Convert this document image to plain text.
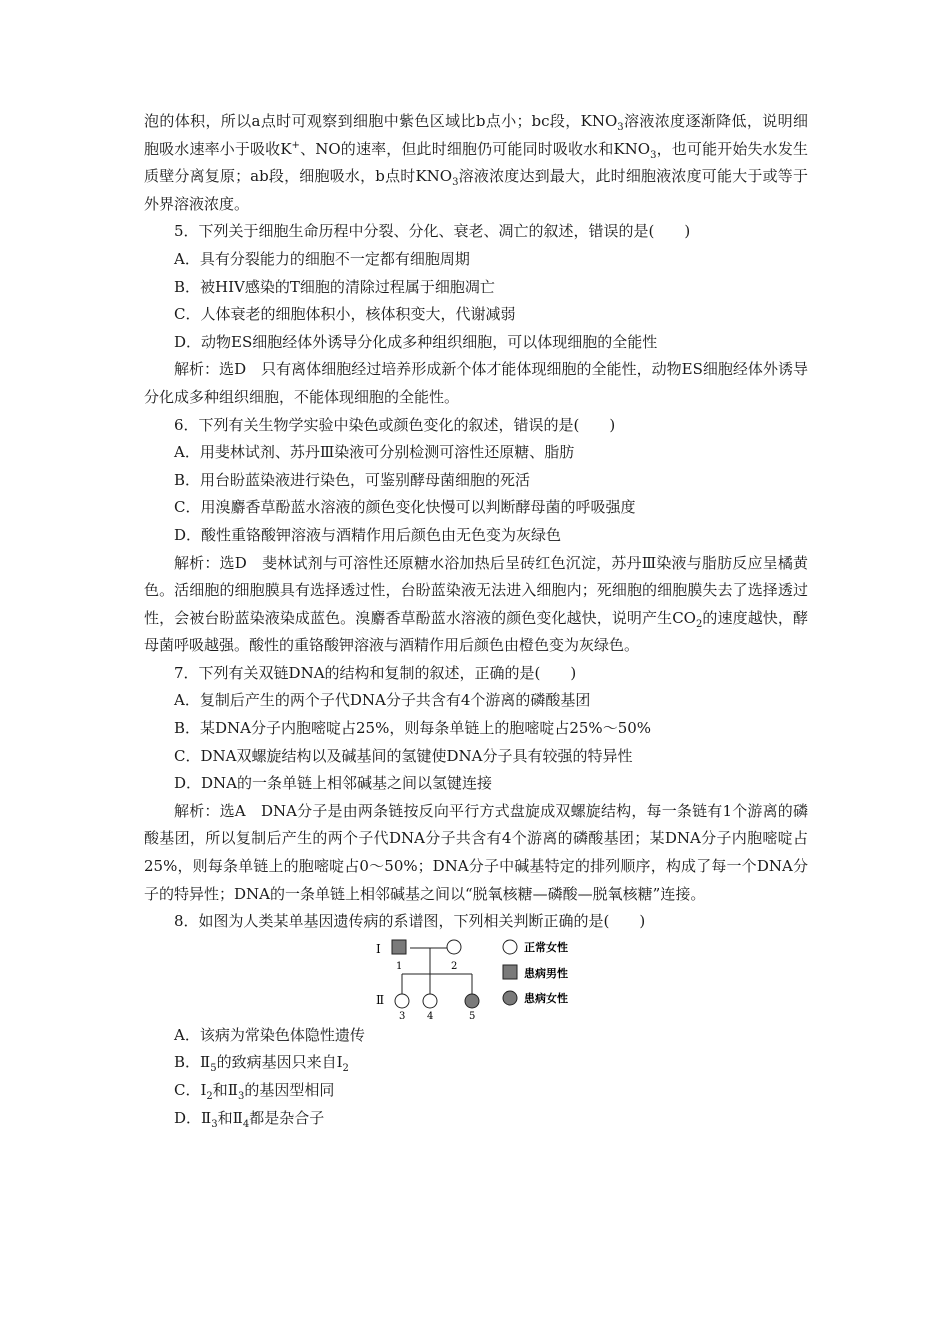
泡的体积，所以a点时可观察到细胞中紫色区域比b点小；bc段，$KNO_3$溶液浓度逐渐降低，说明细胞吸水速率小于吸收K+、NO的速率，但此时细胞仍可能同时吸收水和$KNO_3$，也可能开始失水发生质壁分离复原；ab段，细胞吸水，b点时$KNO_3$溶液浓度达到最大，此时细胞液浓度可能大于或等于外界溶液浓度。

5．下列关于细胞生命历程中分裂、分化、衰老、凋亡的叙述，错误的是(　　)

A．具有分裂能力的细胞不一定都有细胞周期

B．被HIV感染的T细胞的清除过程属于细胞凋亡

C．人体衰老的细胞体积小，核体积变大，代谢减弱

D．动物ES细胞经体外诱导分化成多种组织细胞，可以体现细胞的全能性

解析：选D　只有离体细胞经过培养形成新个体才能体现细胞的全能性，动物ES细胞经体外诱导分化成多种组织细胞，不能体现细胞的全能性。

6．下列有关生物学实验中染色或颜色变化的叙述，错误的是(　　)

A．用斐林试剂、苏丹Ⅲ染液可分别检测可溶性还原糖、脂肪

B．用台盼蓝染液进行染色，可鉴别酵母菌细胞的死活

C．用溴麝香草酚蓝水溶液的颜色变化快慢可以判断酵母菌的呼吸强度

D．酸性重铬酸钾溶液与酒精作用后颜色由无色变为灰绿色

解析：选D　斐林试剂与可溶性还原糖水浴加热后呈砖红色沉淀，苏丹Ⅲ染液与脂肪反应呈橘黄色。活细胞的细胞膜具有选择透过性，台盼蓝染液无法进入细胞内；死细胞的细胞膜失去了选择透过性，会被台盼蓝染液染成蓝色。溴麝香草酚蓝水溶液的颜色变化越快，说明产生$CO_2$的速度越快，酵母菌呼吸越强。酸性的重铬酸钾溶液与酒精作用后颜色由橙色变为灰绿色。

7．下列有关双链DNA的结构和复制的叙述，正确的是(　　)

A．复制后产生的两个子代DNA分子共含有4个游离的磷酸基团

B．某DNA分子内胞嘧啶占25%，则每条单链上的胞嘧啶占25%～50%

C．DNA双螺旋结构以及碱基间的氢键使DNA分子具有较强的特异性

D．DNA的一条单链上相邻碱基之间以氢键连接

解析：选A　DNA分子是由两条链按反向平行方式盘旋成双螺旋结构，每一条链有1个游离的磷酸基团，所以复制后产生的两个子代DNA分子共含有4个游离的磷酸基团；某DNA分子内胞嘧啶占25%，则每条单链上的胞嘧啶占0～50%；DNA分子中碱基特定的排列顺序，构成了每一个DNA分子的特异性；DNA的一条单链上相邻碱基之间以“脱氧核糖—磷酸—脱氧核糖”连接。

8．如图为人类某单基因遗传病的系谱图，下列相关判断正确的是(　　)

Ⅰ
Ⅱ
1	2
3 4	5
正常女性
患病男性
患病女性

A．该病为常染色体隐性遗传

B．$Ⅱ_5$的致病基因只来自$Ⅰ_2$

C．$Ⅰ_2$和$Ⅱ_3$的基因型相同

D．$Ⅱ_3$和$Ⅱ_4$都是杂合子
